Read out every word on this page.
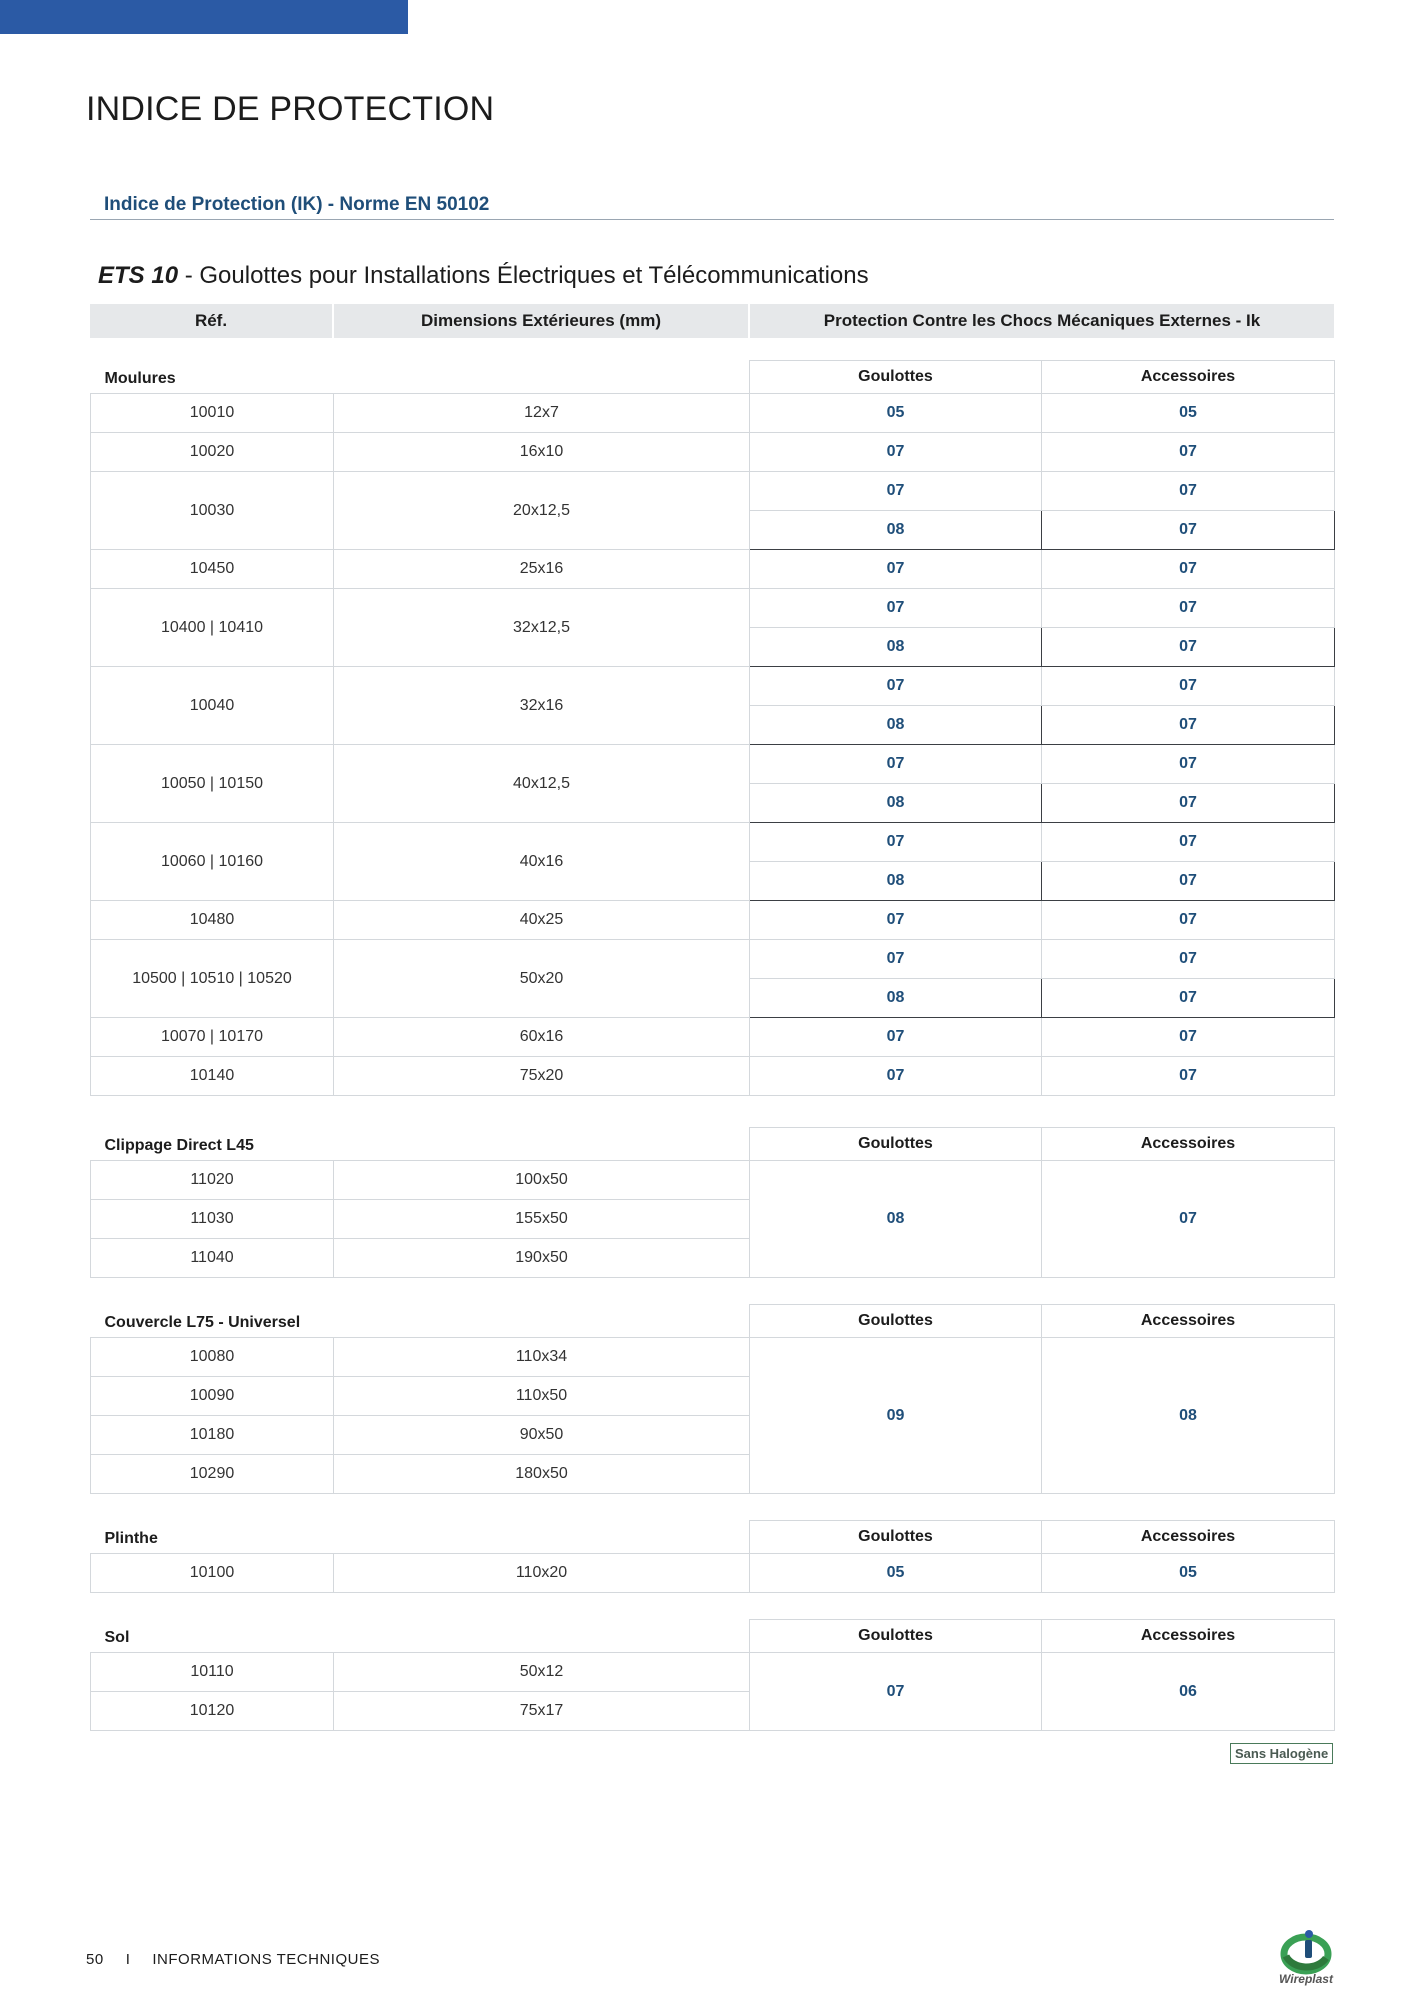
INDICE DE PROTECTION
Indice de Protection (IK) - Norme EN 50102
ETS 10 - Goulottes pour Installations Électriques et Télécommunications
Réf.	Dimensions Extérieures (mm)	Protection Contre les Chocs Mécaniques Externes - Ik
Moulures		Goulottes	Accessoires
10010	12x7	05	05
10020	16x10	07	07
10030	20x12,5	07	07
		08	07
10450	25x16	07	07
10400 | 10410	32x12,5	07	07
		08	07
10040	32x16	07	07
		08	07
10050 | 10150	40x12,5	07	07
		08	07
10060 | 10160	40x16	07	07
		08	07
10480	40x25	07	07
10500 | 10510 | 10520	50x20	07	07
		08	07
10070 | 10170	60x16	07	07
10140	75x20	07	07
Clippage Direct L45		Goulottes	Accessoires
11020	100x50	08	07
11030	155x50		
11040	190x50		
Couvercle L75 - Universel		Goulottes	Accessoires
10080	110x34	09	08
10090	110x50		
10180	90x50		
10290	180x50		
Plinthe		Goulottes	Accessoires
10100	110x20	05	05
Sol		Goulottes	Accessoires
10110	50x12	07	06
10120	75x17		
Sans Halogène
50 I INFORMATIONS TECHNIQUES
Wireplast
